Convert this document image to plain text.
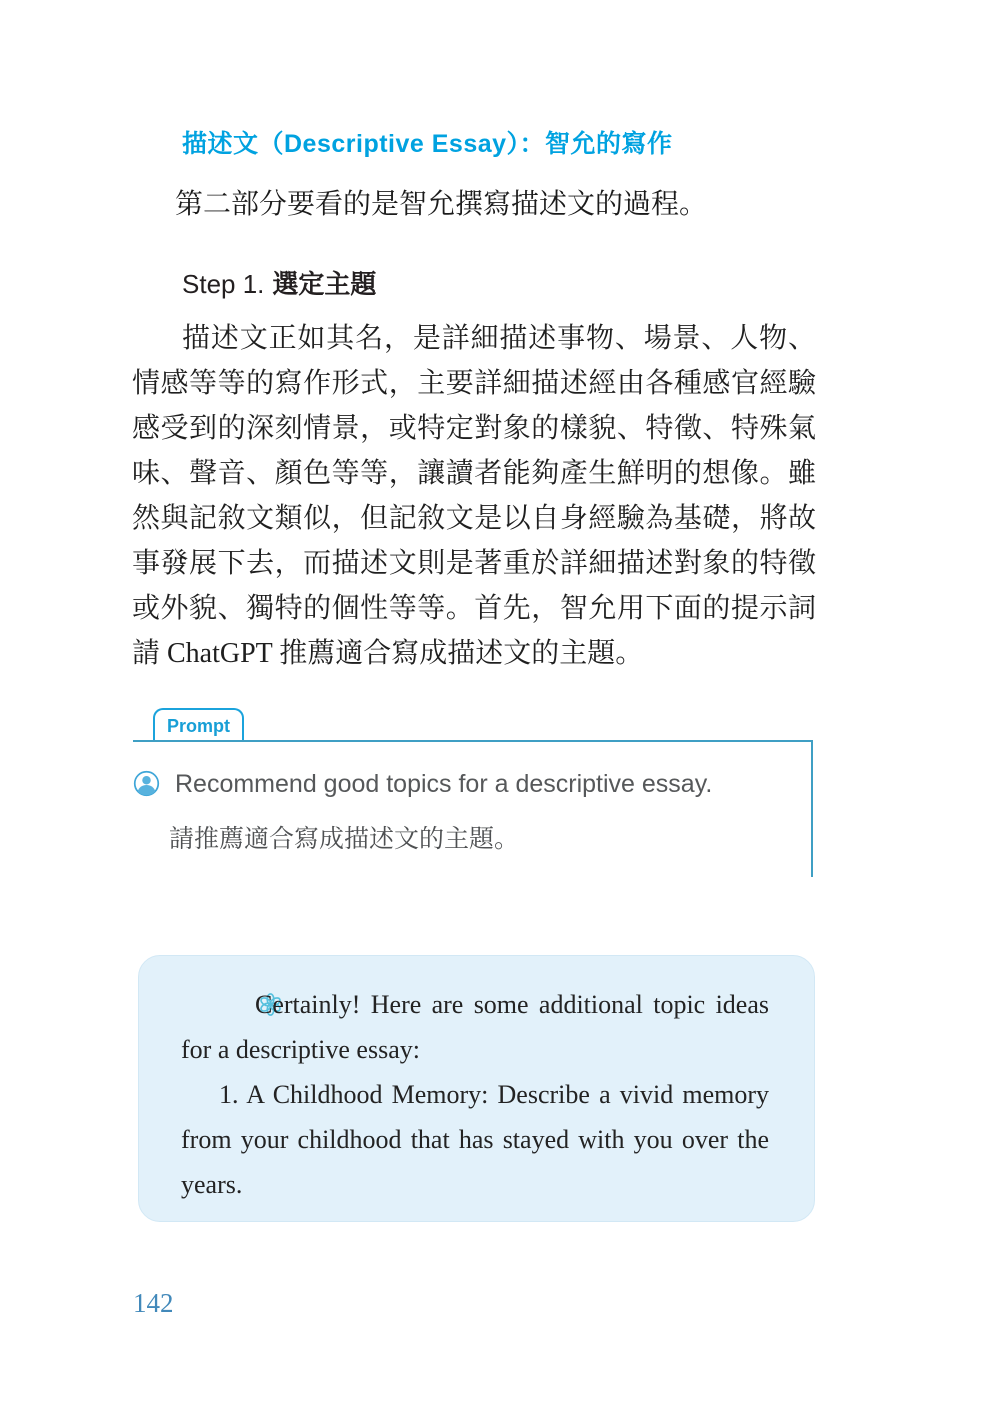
描述文（Descriptive Essay）：智允的寫作

第二部分要看的是智允撰寫描述文的過程。

Step 1. 選定主題

描述文正如其名，是詳細描述事物、場景、人物、情感等等的寫作形式，主要詳細描述經由各種感官經驗感受到的深刻情景，或特定對象的樣貌、特徵、特殊氣味、聲音、顏色等等，讓讀者能夠產生鮮明的想像。雖然與記敘文類似，但記敘文是以自身經驗為基礎，將故事發展下去，而描述文則是著重於詳細描述對象的特徵或外貌、獨特的個性等等。首先，智允用下面的提示詞請 ChatGPT 推薦適合寫成描述文的主題。

Prompt
Recommend good topics for a descriptive essay.
請推薦適合寫成描述文的主題。

Certainly! Here are some additional topic ideas for a descriptive essay:

1. A Childhood Memory: Describe a vivid memory from your childhood that has stayed with you over the years.

142
